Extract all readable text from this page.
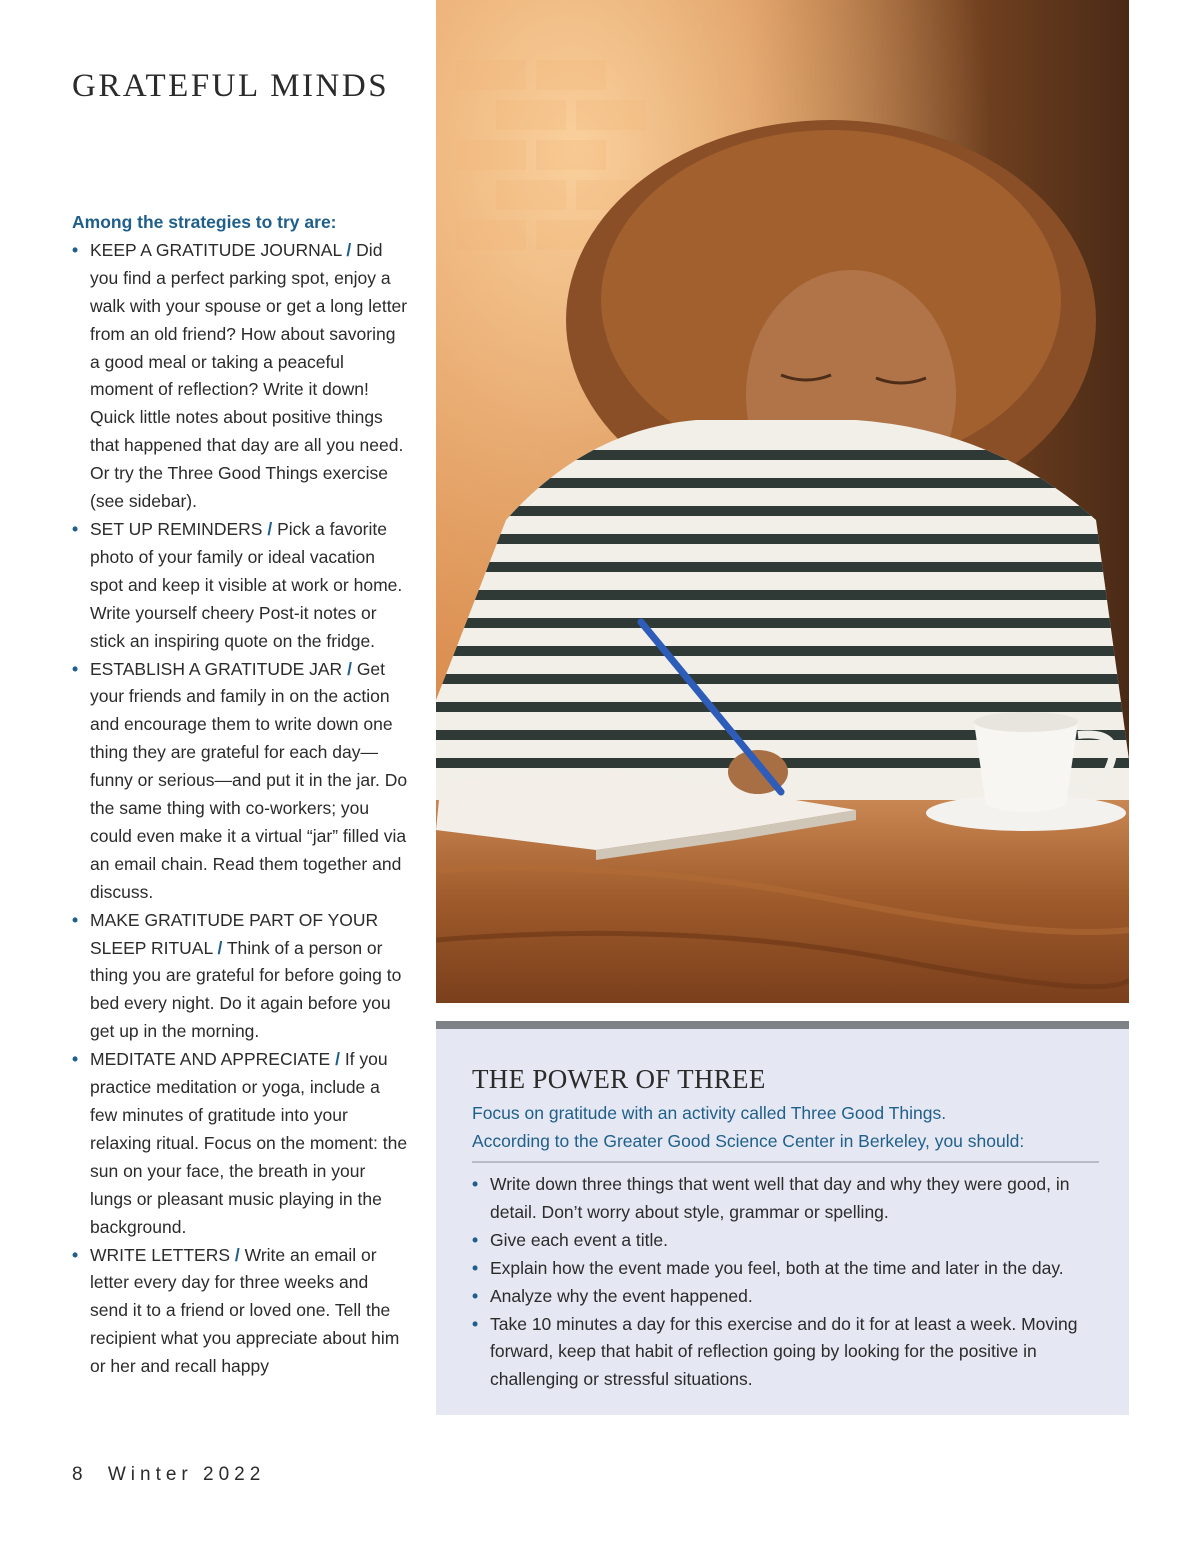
GRATEFUL MINDS

Among the strategies to try are:

• KEEP A GRATITUDE JOURNAL / Did you find a perfect parking spot, enjoy a walk with your spouse or get a long letter from an old friend? How about savoring a good meal or taking a peaceful moment of reflection? Write it down! Quick little notes about positive things that happened that day are all you need. Or try the Three Good Things exercise (see sidebar).
• SET UP REMINDERS / Pick a favorite photo of your family or ideal vacation spot and keep it visible at work or home. Write yourself cheery Post-it notes or stick an inspiring quote on the fridge.
• ESTABLISH A GRATITUDE JAR / Get your friends and family in on the action and encourage them to write down one thing they are grateful for each day—funny or serious—and put it in the jar. Do the same thing with co-workers; you could even make it a virtual “jar” filled via an email chain. Read them together and discuss.
• MAKE GRATITUDE PART OF YOUR SLEEP RITUAL / Think of a person or thing you are grateful for before going to bed every night. Do it again before you get up in the morning.
• MEDITATE AND APPRECIATE / If you practice meditation or yoga, include a few minutes of gratitude into your relaxing ritual. Focus on the moment: the sun on your face, the breath in your lungs or pleasant music playing in the background.
• WRITE LETTERS / Write an email or letter every day for three weeks and send it to a friend or loved one. Tell the recipient what you appreciate about him or her and recall happy
THE POWER OF THREE
Focus on gratitude with an activity called Three Good Things.
According to the Greater Good Science Center in Berkeley, you should:
• Write down three things that went well that day and why they were good, in detail. Don’t worry about style, grammar or spelling.
• Give each event a title.
• Explain how the event made you feel, both at the time and later in the day.
• Analyze why the event happened.
• Take 10 minutes a day for this exercise and do it for at least a week. Moving forward, keep that habit of reflection going by looking for the positive in challenging or stressful situations.
8 Winter 2022
